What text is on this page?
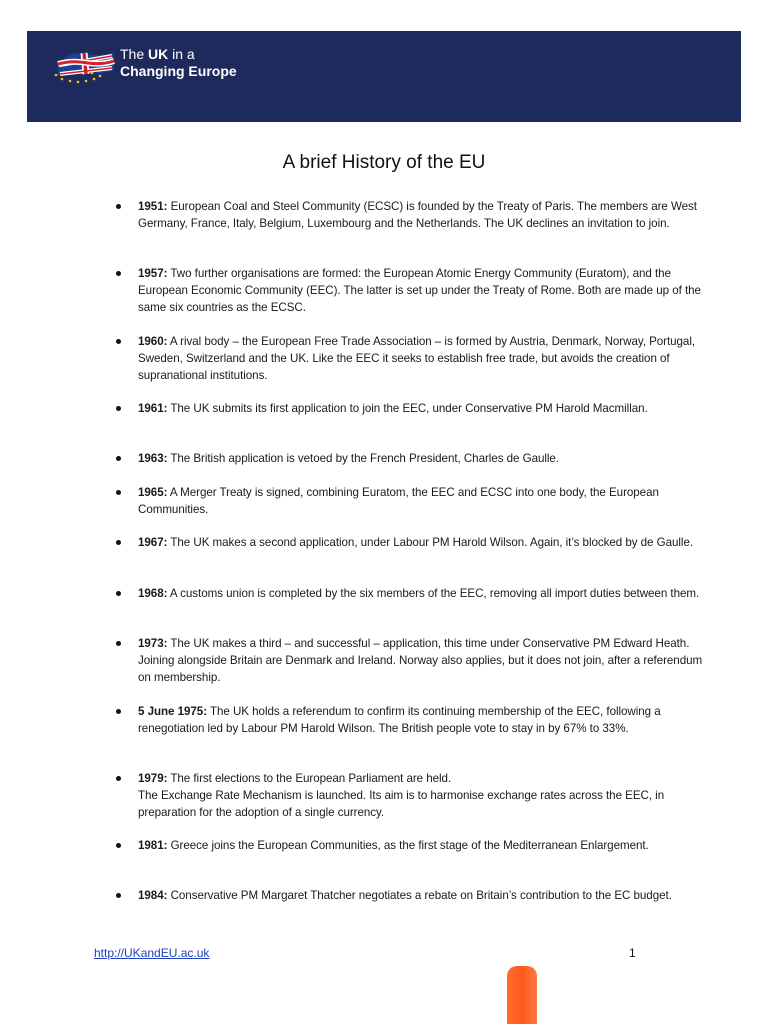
The UK in a
Changing Europe
A brief History of the EU
1951: European Coal and Steel Community (ECSC) is founded by the Treaty of Paris. The members are West Germany, France, Italy, Belgium, Luxembourg and the Netherlands. The UK declines an invitation to join.
1957: Two further organisations are formed: the European Atomic Energy Community (Euratom), and the European Economic Community (EEC). The latter is set up under the Treaty of Rome. Both are made up of the same six countries as the ECSC.
1960: A rival body – the European Free Trade Association – is formed by Austria, Denmark, Norway, Portugal, Sweden, Switzerland and the UK. Like the EEC it seeks to establish free trade, but avoids the creation of supranational institutions.
1961: The UK submits its first application to join the EEC, under Conservative PM Harold Macmillan.
1963: The British application is vetoed by the French President, Charles de Gaulle.
1965: A Merger Treaty is signed, combining Euratom, the EEC and ECSC into one body, the European Communities.
1967: The UK makes a second application, under Labour PM Harold Wilson. Again, it’s blocked by de Gaulle.
1968: A customs union is completed by the six members of the EEC, removing all import duties between them.
1973: The UK makes a third – and successful – application, this time under Conservative PM Edward Heath. Joining alongside Britain are Denmark and Ireland. Norway also applies, but it does not join, after a referendum on membership.
5 June 1975: The UK holds a referendum to confirm its continuing membership of the EEC, following a renegotiation led by Labour PM Harold Wilson. The British people vote to stay in by 67% to 33%.
1979: The first elections to the European Parliament are held.
The Exchange Rate Mechanism is launched. Its aim is to harmonise exchange rates across the EEC, in preparation for the adoption of a single currency.
1981: Greece joins the European Communities, as the first stage of the Mediterranean Enlargement.
1984: Conservative PM Margaret Thatcher negotiates a rebate on Britain’s contribution to the EC budget.
http://UKandEU.ac.uk	1
